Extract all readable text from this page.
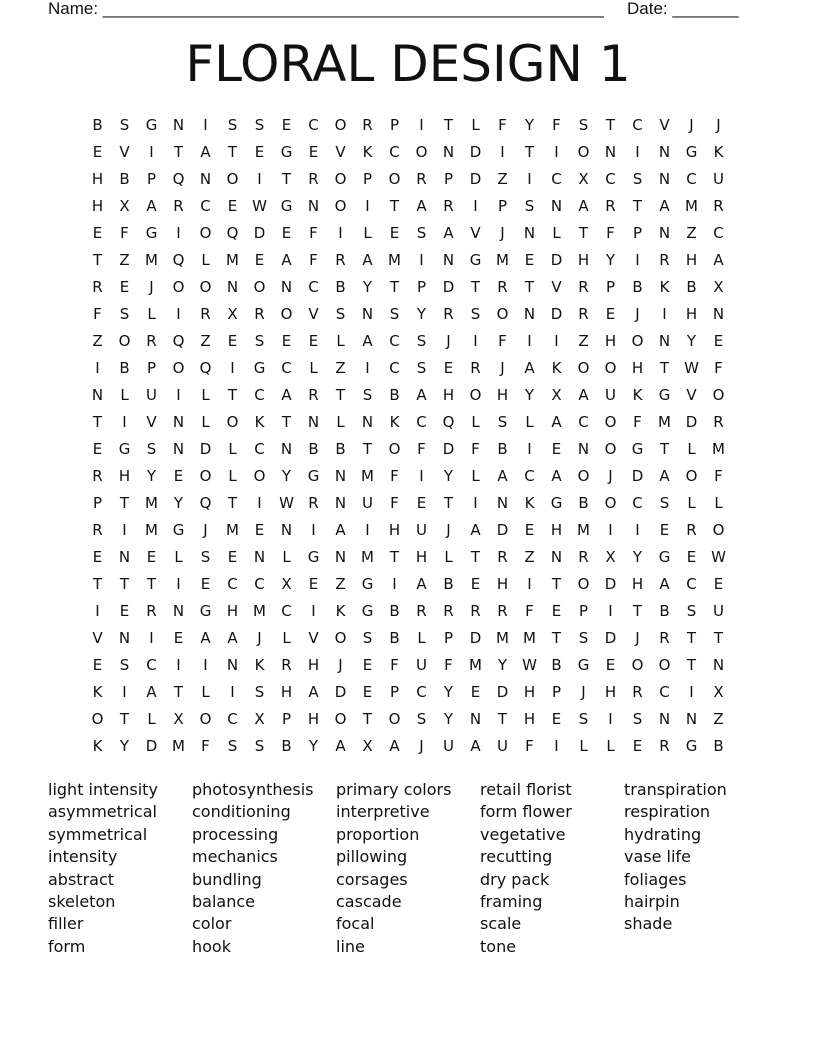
Name: _____________________________________________________ Date: _______
FLORAL DESIGN 1
B	S	G	N	I	S	S	E	C	O	R	P	I	T	L	F	Y	F	S	T	C	V	J	J
E	V	I	T	A	T	E	G	E	V	K	C	O	N	D	I	T	I	O	N	I	N	G	K
H	B	P	Q	N	O	I	T	R	O	P	O	R	P	D	Z	I	C	X	C	S	N	C	U
H	X	A	R	C	E W G	N	O	I	T	A	R	I	P	S	N	A	R	T	A	M	R
E	F	G	I	O	Q	D	E	F	I	L	E	S	A	V	J	N	L	T	F	P	N	Z	C
T	Z	M Q	L	M	E	A	F	R	A	M	I	N	G M	E	D	H	Y	I	R	H	A
R	E	J	O	O	N	O	N	C	B	Y	T	P	D	T	R	T	V	R	P	B	K	B	X
F	S	L	I	R	X	R	O	V	S	N	S	Y	R	S	O	N	D	R	E	J	I	H	N
Z	O	R	Q	Z	E	S	E	E	L	A	C	S	J	I	F	I	I	Z	H	O	N	Y	E
I	B	P	O	Q	I	G	C	L	Z	I	C	S	E	R	J	A	K	O	O	H	T	W	F
N	L	U	I	L	T	C	A	R	T	S	B	A	H	O	H	Y	X	A	U	K	G	V	O
T	I	V	N	L	O	K	T	N	L	N	K	C	Q	L	S	L	A	C	O	F	M D	R
E	G	S	N	D	L	C	N	B	B	T	O	F	D	F	B	I	E	N	O	G	T	L	M
R	H	Y	E	O	L	O	Y	G	N M	F	I	Y	L	A	C	A	O	J	D	A	O	F
P	T	M	Y	Q	T	I	W R	N	U	F	E	T	I	N	K	G	B	O	C	S	L	L
R	I	M G	J	M	E	N	I	A	I	H	U	J	A	D	E	H M	I	I	E	R	O
E	N	E	L	S	E	N	L	G	N M	T	H	L	T	R	Z	N	R	X	Y	G	E W
T	T	T	I	E	C	C	X	E	Z	G	I	A	B	E	H	I	T	O	D	H	A	C	E
I	E	R	N	G	H M	C	I	K	G	B	R	R	R	R	F	E	P	I	T	B	S	U
V	N	I	E	A	A	J	L	V	O	S	B	L	P	D M M	T	S	D	J	R	T	T
E	S	C	I	I	N	K	R	H	J	E	F	U	F	M	Y	W B	G	E	O	O	T	N
K	I	A	T	L	I	S	H	A	D	E	P	C	Y	E	D	H	P	J	H	R	C	I	X
O	T	L	X	O	C	X	P	H	O	T	O	S	Y	N	T	H	E	S	I	S	N	N	Z
K	Y	D M	F	S	S	B	Y	A	X	A	J	U	A	U	F	I	L	L	E	R	G	B
light intensity
asymmetrical
symmetrical
intensity
abstract
skeleton
filler
form
photosynthesis
conditioning
processing
mechanics
bundling
balance
color
hook
primary colors
interpretive
proportion
pillowing
corsages
cascade
focal
line
retail florist
form flower
vegetative
recutting
dry pack
framing
scale
tone
transpiration
respiration
hydrating
vase life
foliages
hairpin
shade
